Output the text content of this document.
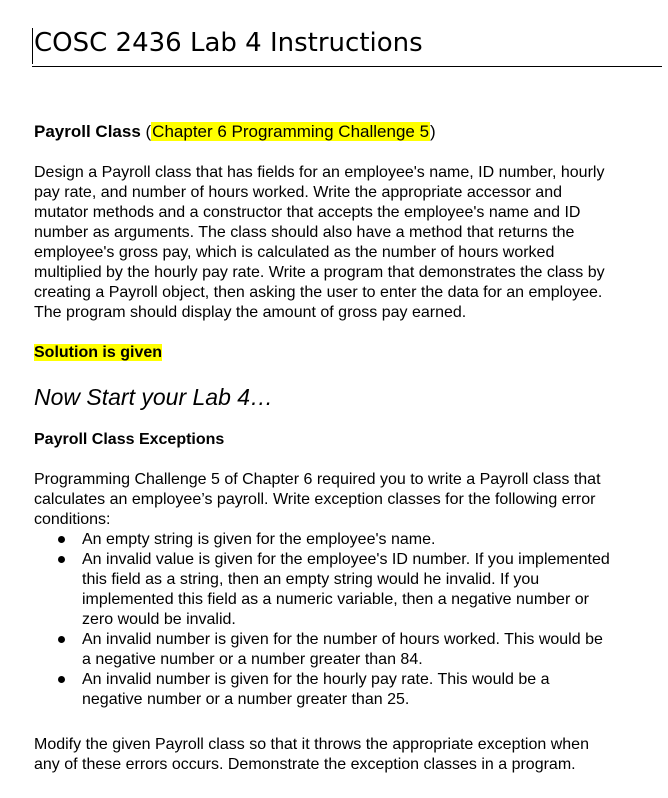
COSC 2436 Lab 4 Instructions
Payroll Class (Chapter 6 Programming Challenge 5)
Design a Payroll class that has fields for an employee's name, ID number, hourly
pay rate, and number of hours worked. Write the appropriate accessor and
mutator methods and a constructor that accepts the employee's name and ID
number as arguments. The class should also have a method that returns the
employee's gross pay, which is calculated as the number of hours worked
multiplied by the hourly pay rate. Write a program that demonstrates the class by
creating a Payroll object, then asking the user to enter the data for an employee.
The program should display the amount of gross pay earned.
Solution is given
Now Start your Lab 4…
Payroll Class Exceptions
Programming Challenge 5 of Chapter 6 required you to write a Payroll class that
calculates an employee’s payroll. Write exception classes for the following error
conditions:
An empty string is given for the employee's name.
An invalid value is given for the employee's ID number. If you implemented
this field as a string, then an empty string would he invalid. If you
implemented this field as a numeric variable, then a negative number or
zero would be invalid.
An invalid number is given for the number of hours worked. This would be
a negative number or a number greater than 84.
An invalid number is given for the hourly pay rate. This would be a
negative number or a number greater than 25.
Modify the given Payroll class so that it throws the appropriate exception when
any of these errors occurs. Demonstrate the exception classes in a program.
